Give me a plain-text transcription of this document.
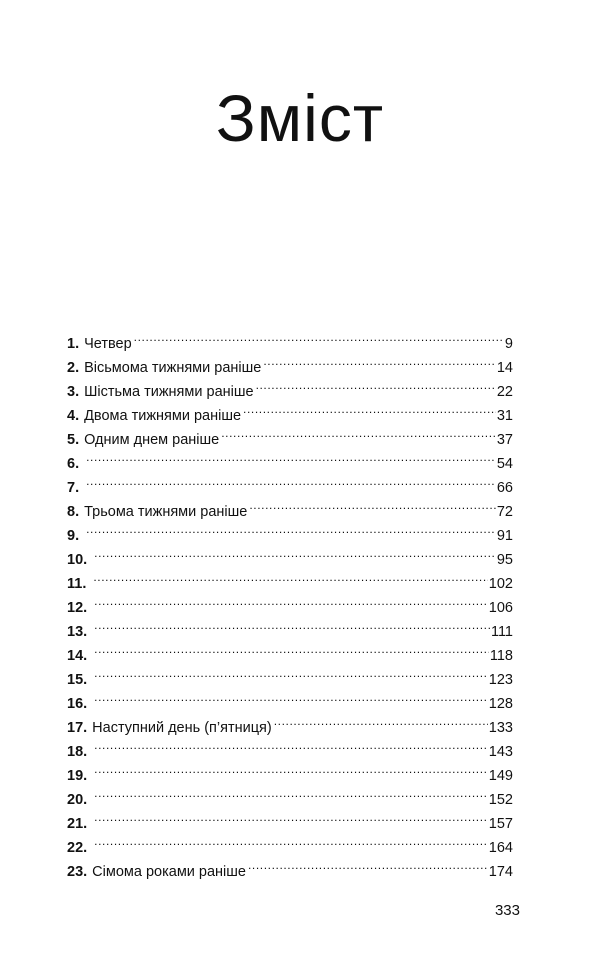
Зміст
1. Четвер .....	9
2. Вісьмома тижнями раніше .....	14
3. Шістьма тижнями раніше .....	22
4. Двома тижнями раніше .....	31
5. Одним днем раніше .....	37
6. .....	54
7. .....	66
8. Трьома тижнями раніше .....	72
9. .....	91
10. .....	95
11. .....	102
12. .....	106
13. .....	111
14. .....	118
15. .....	123
16. .....	128
17. Наступний день (п’ятниця) .....	133
18. .....	143
19. .....	149
20. .....	152
21. .....	157
22. .....	164
23. Сімома роками раніше .....	174
333
